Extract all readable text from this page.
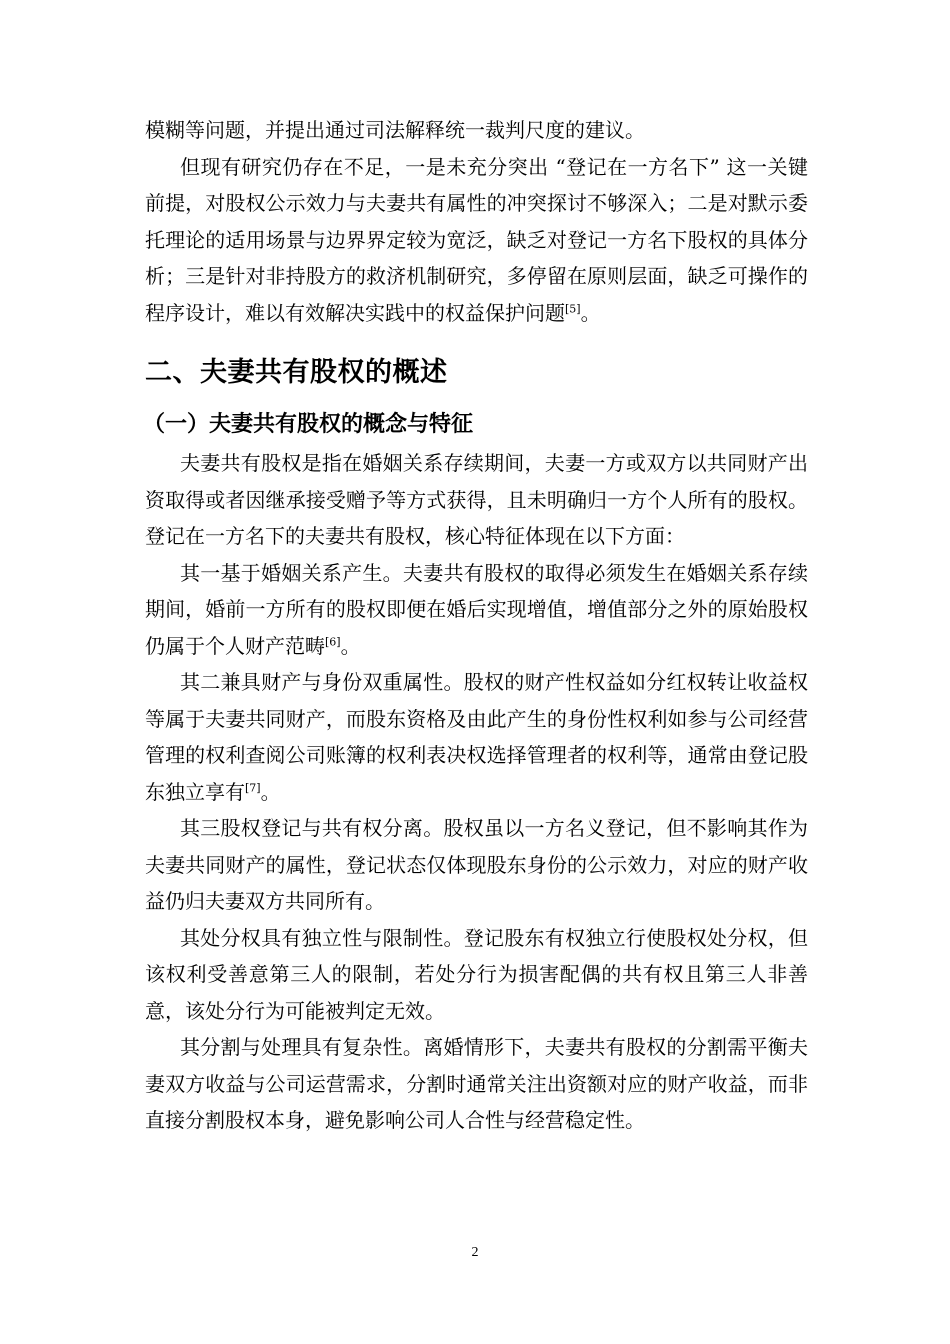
模糊等问题，并提出通过司法解释统一裁判尺度的建议。

但现有研究仍存在不足，一是未充分突出 “登记在一方名下” 这一关键前提，对股权公示效力与夫妻共有属性的冲突探讨不够深入；二是对默示委托理论的适用场景与边界界定较为宽泛，缺乏对登记一方名下股权的具体分析；三是针对非持股方的救济机制研究，多停留在原则层面，缺乏可操作的程序设计，难以有效解决实践中的权益保护问题[5]。

二、夫妻共有股权的概述
（一）夫妻共有股权的概念与特征

夫妻共有股权是指在婚姻关系存续期间，夫妻一方或双方以共同财产出资取得或者因继承接受赠予等方式获得，且未明确归一方个人所有的股权。登记在一方名下的夫妻共有股权，核心特征体现在以下方面：

其一基于婚姻关系产生。夫妻共有股权的取得必须发生在婚姻关系存续期间，婚前一方所有的股权即便在婚后实现增值，增值部分之外的原始股权仍属于个人财产范畴[6]。

其二兼具财产与身份双重属性。股权的财产性权益如分红权转让收益权等属于夫妻共同财产，而股东资格及由此产生的身份性权利如参与公司经营管理的权利查阅公司账簿的权利表决权选择管理者的权利等，通常由登记股东独立享有[7]。

其三股权登记与共有权分离。股权虽以一方名义登记，但不影响其作为夫妻共同财产的属性，登记状态仅体现股东身份的公示效力，对应的财产收益仍归夫妻双方共同所有。

其处分权具有独立性与限制性。登记股东有权独立行使股权处分权，但该权利受善意第三人的限制，若处分行为损害配偶的共有权且第三人非善意，该处分行为可能被判定无效。

其分割与处理具有复杂性。离婚情形下，夫妻共有股权的分割需平衡夫妻双方收益与公司运营需求，分割时通常关注出资额对应的财产收益，而非直接分割股权本身，避免影响公司人合性与经营稳定性。

2
